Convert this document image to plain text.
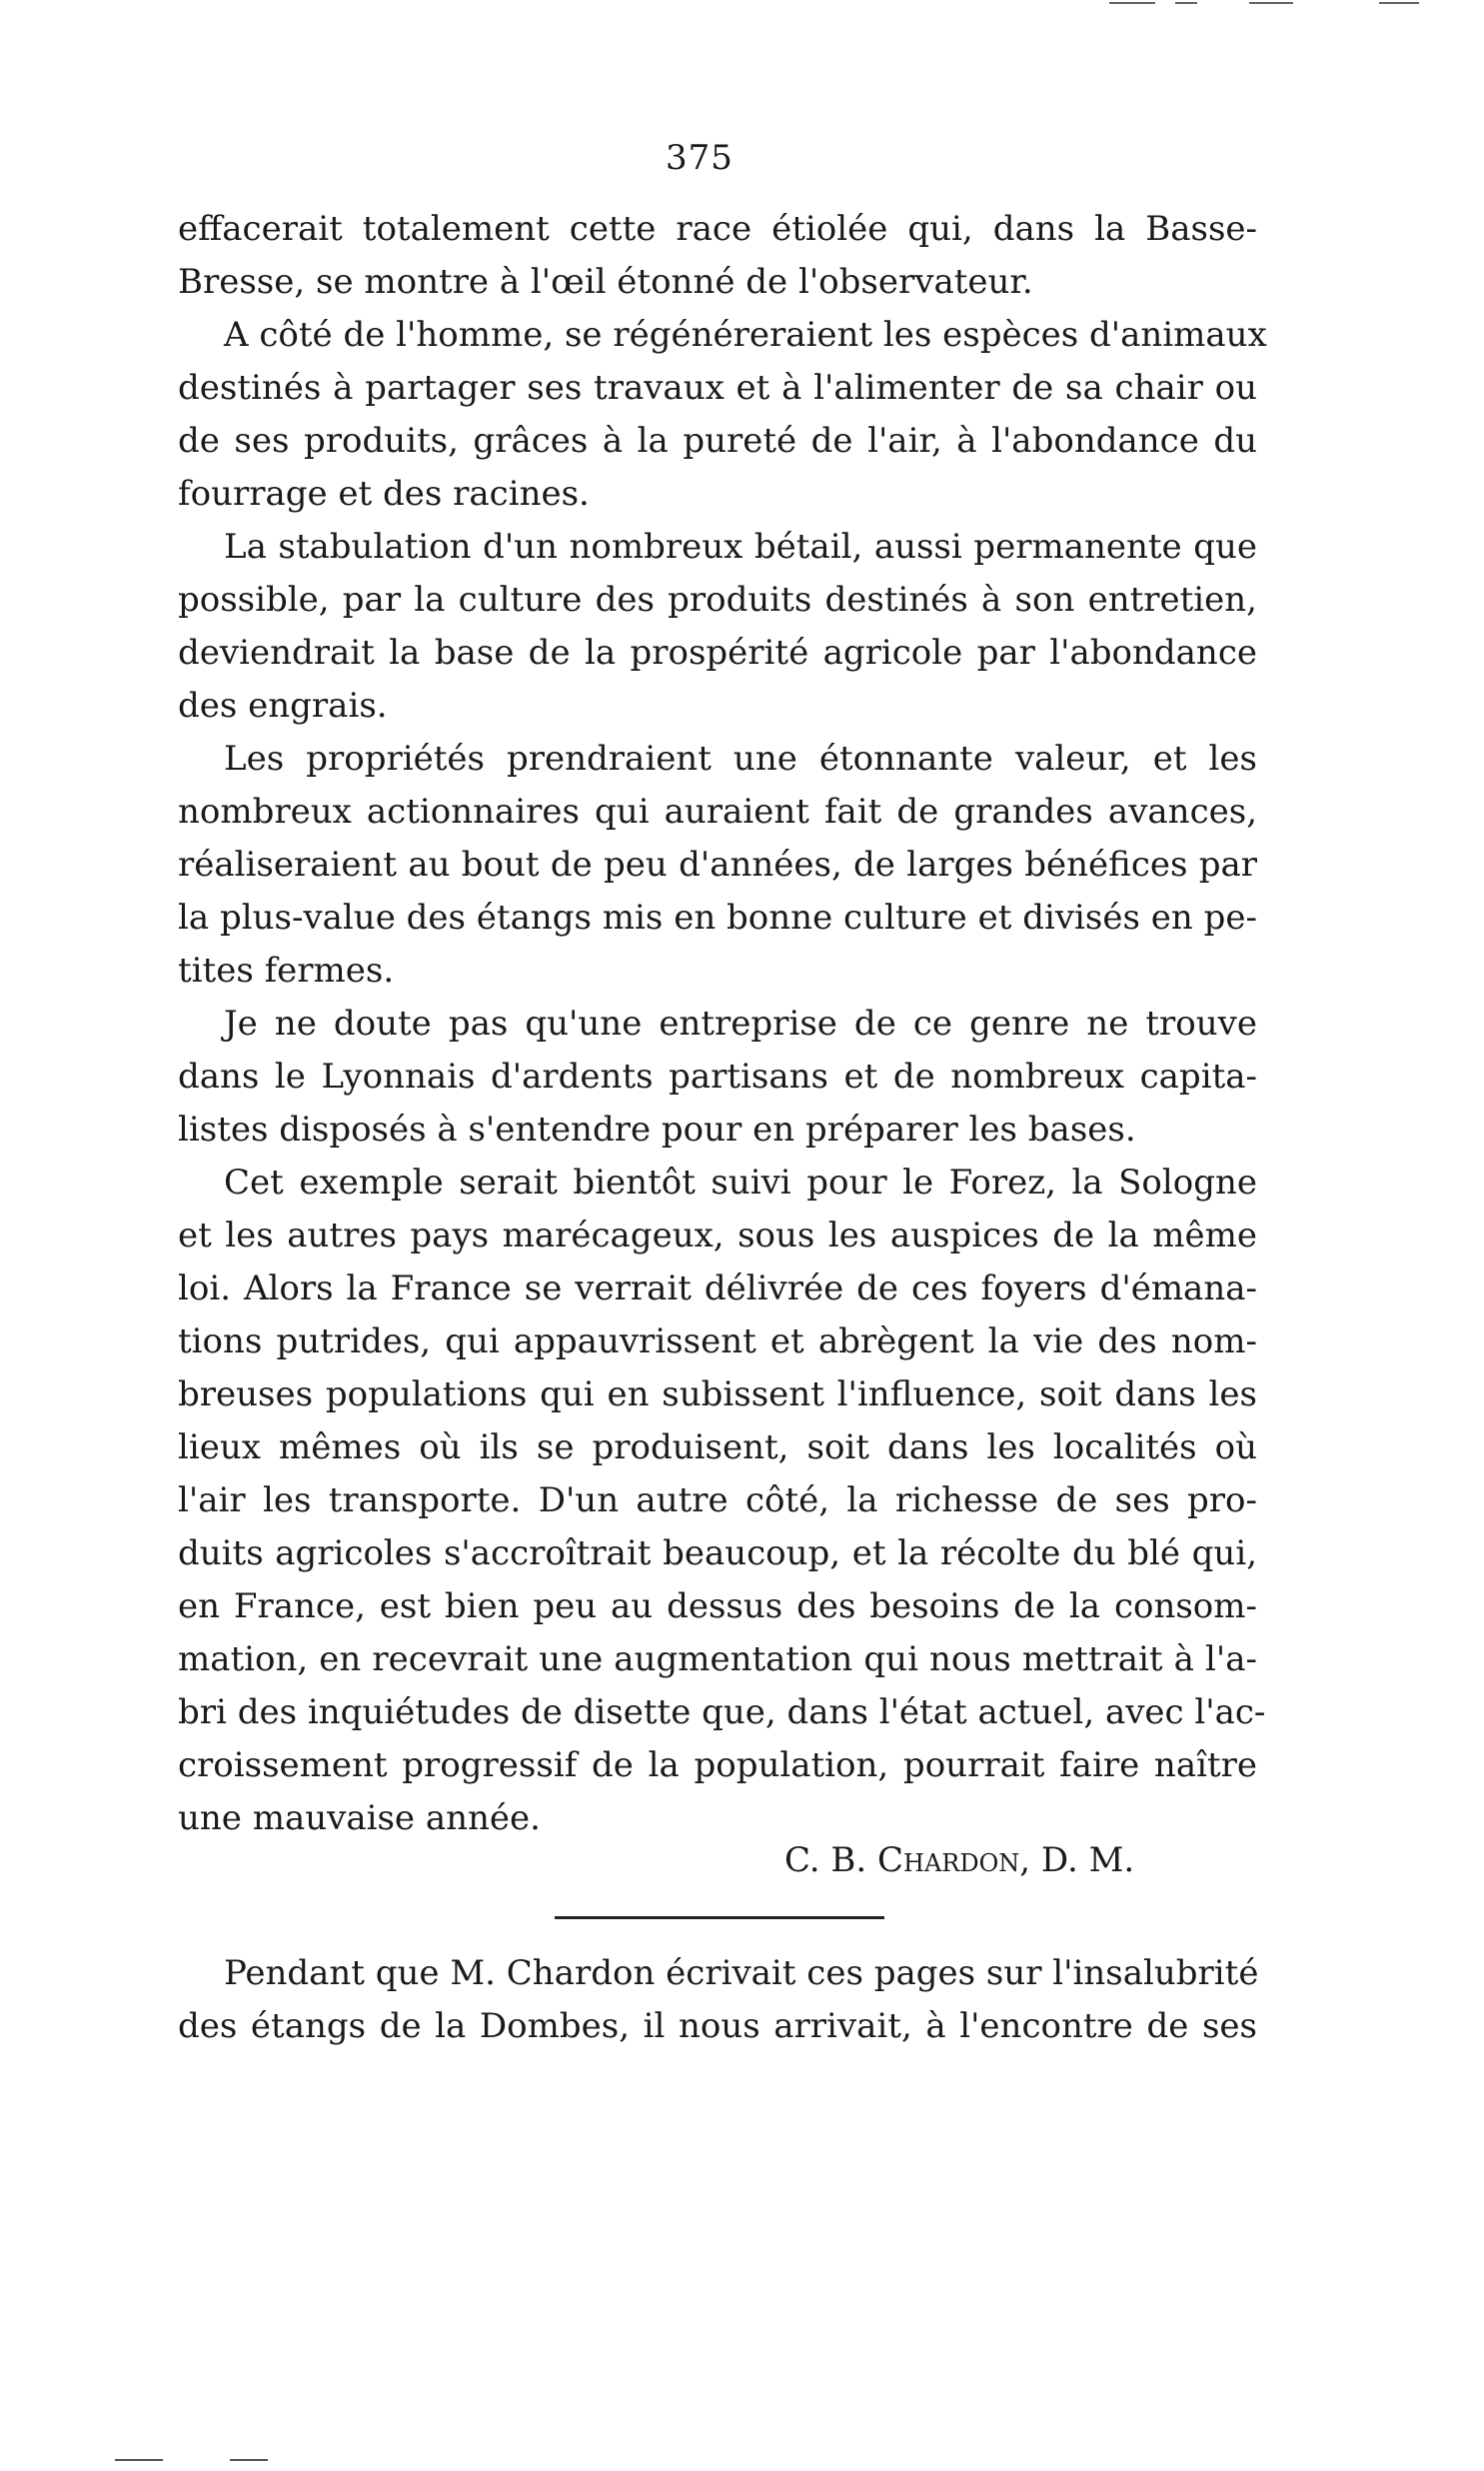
375
effacerait totalement cette race étiolée qui, dans la Basse-
Bresse, se montre à l'œil étonné de l'observateur.
A côté de l'homme, se régénéreraient les espèces d'animaux
destinés à partager ses travaux et à l'alimenter de sa chair ou
de ses produits, grâces à la pureté de l'air, à l'abondance du
fourrage et des racines.
La stabulation d'un nombreux bétail, aussi permanente que
possible, par la culture des produits destinés à son entretien,
deviendrait la base de la prospérité agricole par l'abondance
des engrais.
Les propriétés prendraient une étonnante valeur, et les
nombreux actionnaires qui auraient fait de grandes avances,
réaliseraient au bout de peu d'années, de larges bénéfices par
la plus-value des étangs mis en bonne culture et divisés en pe-
tites fermes.
Je ne doute pas qu'une entreprise de ce genre ne trouve
dans le Lyonnais d'ardents partisans et de nombreux capita-
listes disposés à s'entendre pour en préparer les bases.
Cet exemple serait bientôt suivi pour le Forez, la Sologne
et les autres pays marécageux, sous les auspices de la même
loi. Alors la France se verrait délivrée de ces foyers d'émana-
tions putrides, qui appauvrissent et abrègent la vie des nom-
breuses populations qui en subissent l'influence, soit dans les
lieux mêmes où ils se produisent, soit dans les localités où
l'air les transporte. D'un autre côté, la richesse de ses pro-
duits agricoles s'accroîtrait beaucoup, et la récolte du blé qui,
en France, est bien peu au dessus des besoins de la consom-
mation, en recevrait une augmentation qui nous mettrait à l'a-
bri des inquiétudes de disette que, dans l'état actuel, avec l'ac-
croissement progressif de la population, pourrait faire naître
une mauvaise année.
C. B. Chardon, D. M.
Pendant que M. Chardon écrivait ces pages sur l'insalubrité
des étangs de la Dombes, il nous arrivait, à l'encontre de ses
